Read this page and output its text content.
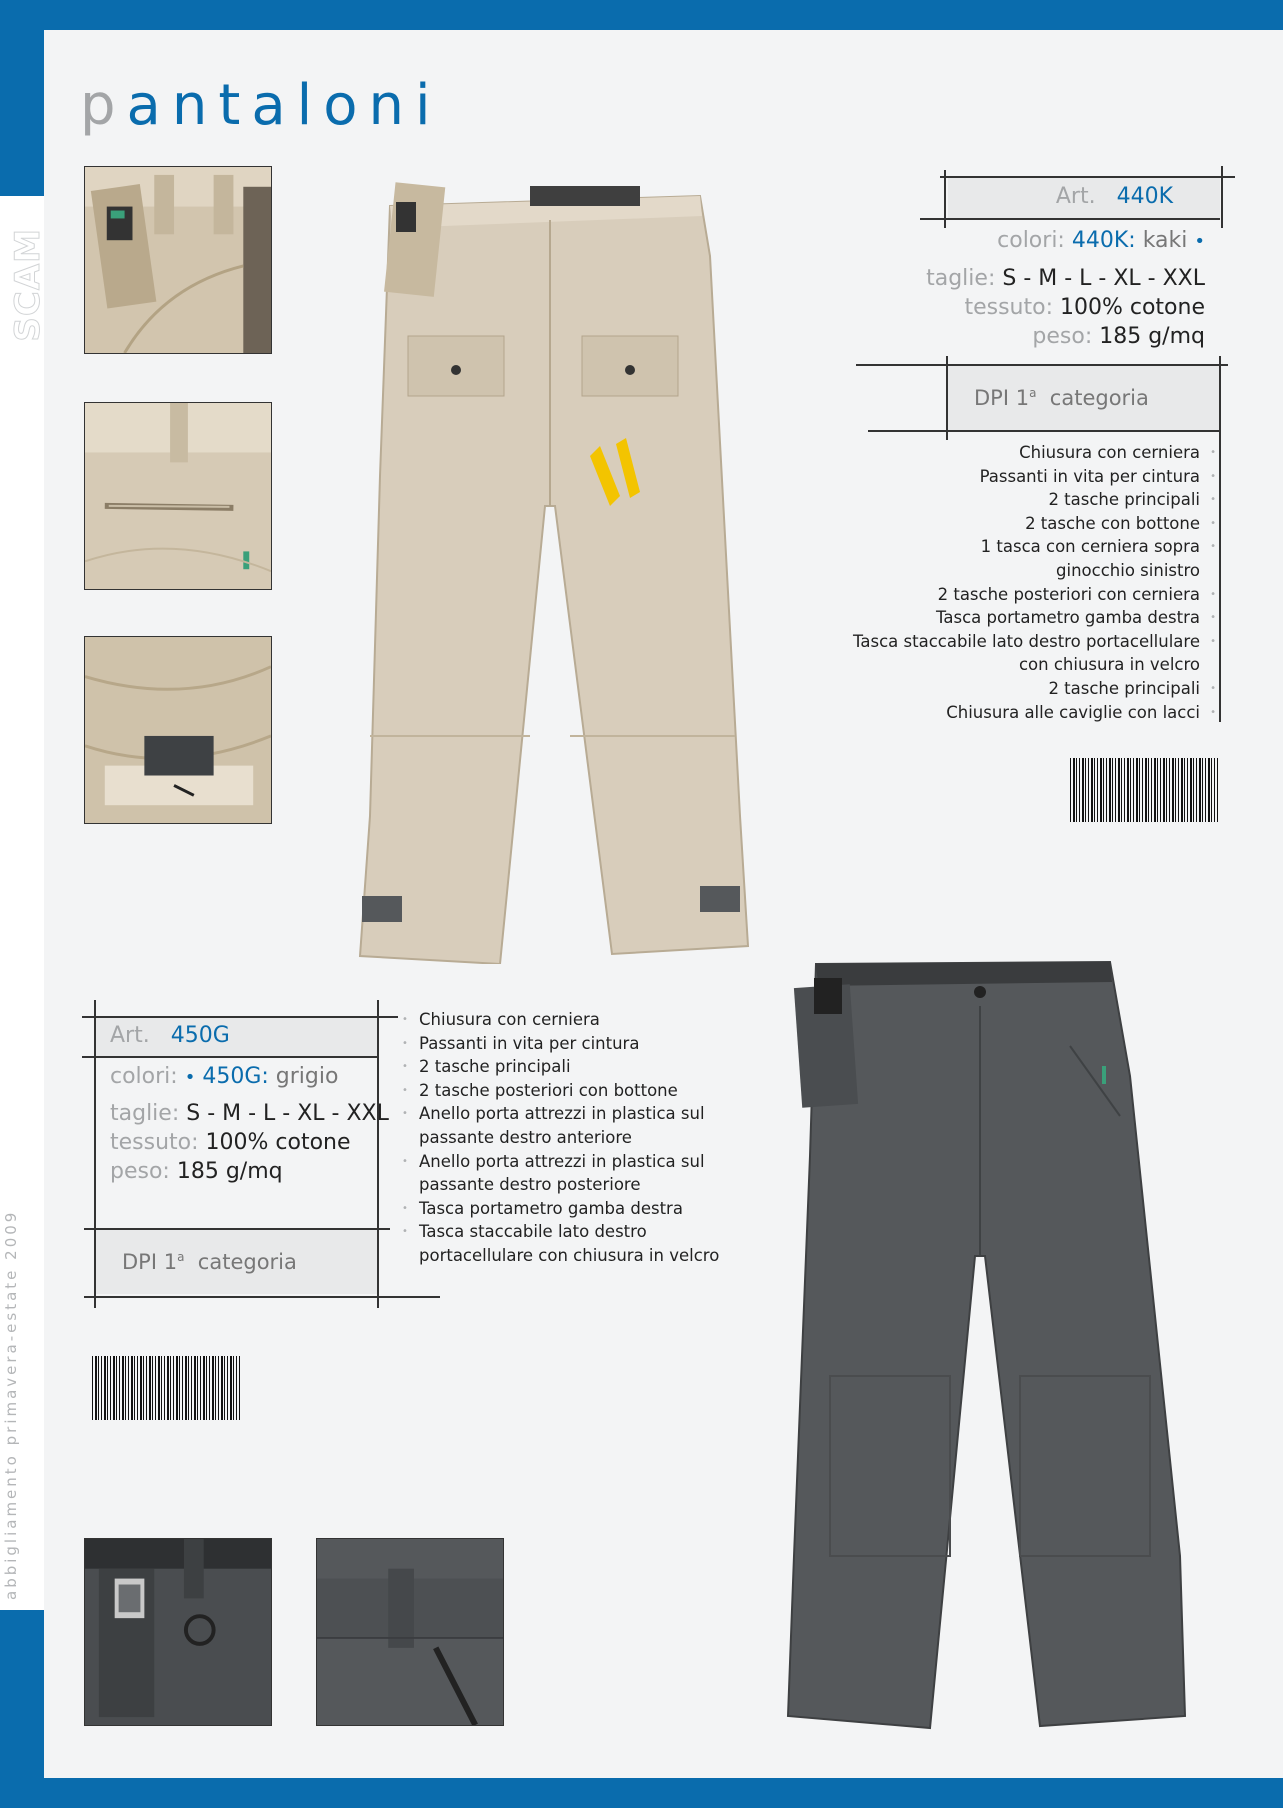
SCAM
abbigliamento primavera-estate 2009
pantaloni
Art. 440K
colori: 440K: kaki •
taglie: S - M - L - XL - XXL
tessuto: 100% cotone
peso: 185 g/mq
DPI 1$^a$ categoria
Chiusura con cerniera •
Passanti in vita per cintura •
2 tasche principali •
2 tasche con bottone •
1 tasca con cerniera sopra •
ginocchio sinistro
2 tasche posteriori con cerniera •
Tasca portametro gamba destra •
Tasca staccabile lato destro portacellulare •
con chiusura in velcro
2 tasche principali •
Chiusura alle caviglie con lacci •
Art. 450G
colori: • 450G: grigio
taglie: S - M - L - XL - XXL
tessuto: 100% cotone
peso: 185 g/mq
DPI 1$^a$ categoria
• Chiusura con cerniera
• Passanti in vita per cintura
• 2 tasche principali
• 2 tasche posteriori con bottone
• Anello porta attrezzi in plastica sul
passante destro anteriore
• Anello porta attrezzi in plastica sul
passante destro posteriore
• Tasca portametro gamba destra
• Tasca staccabile lato destro
portacellulare con chiusura in velcro
